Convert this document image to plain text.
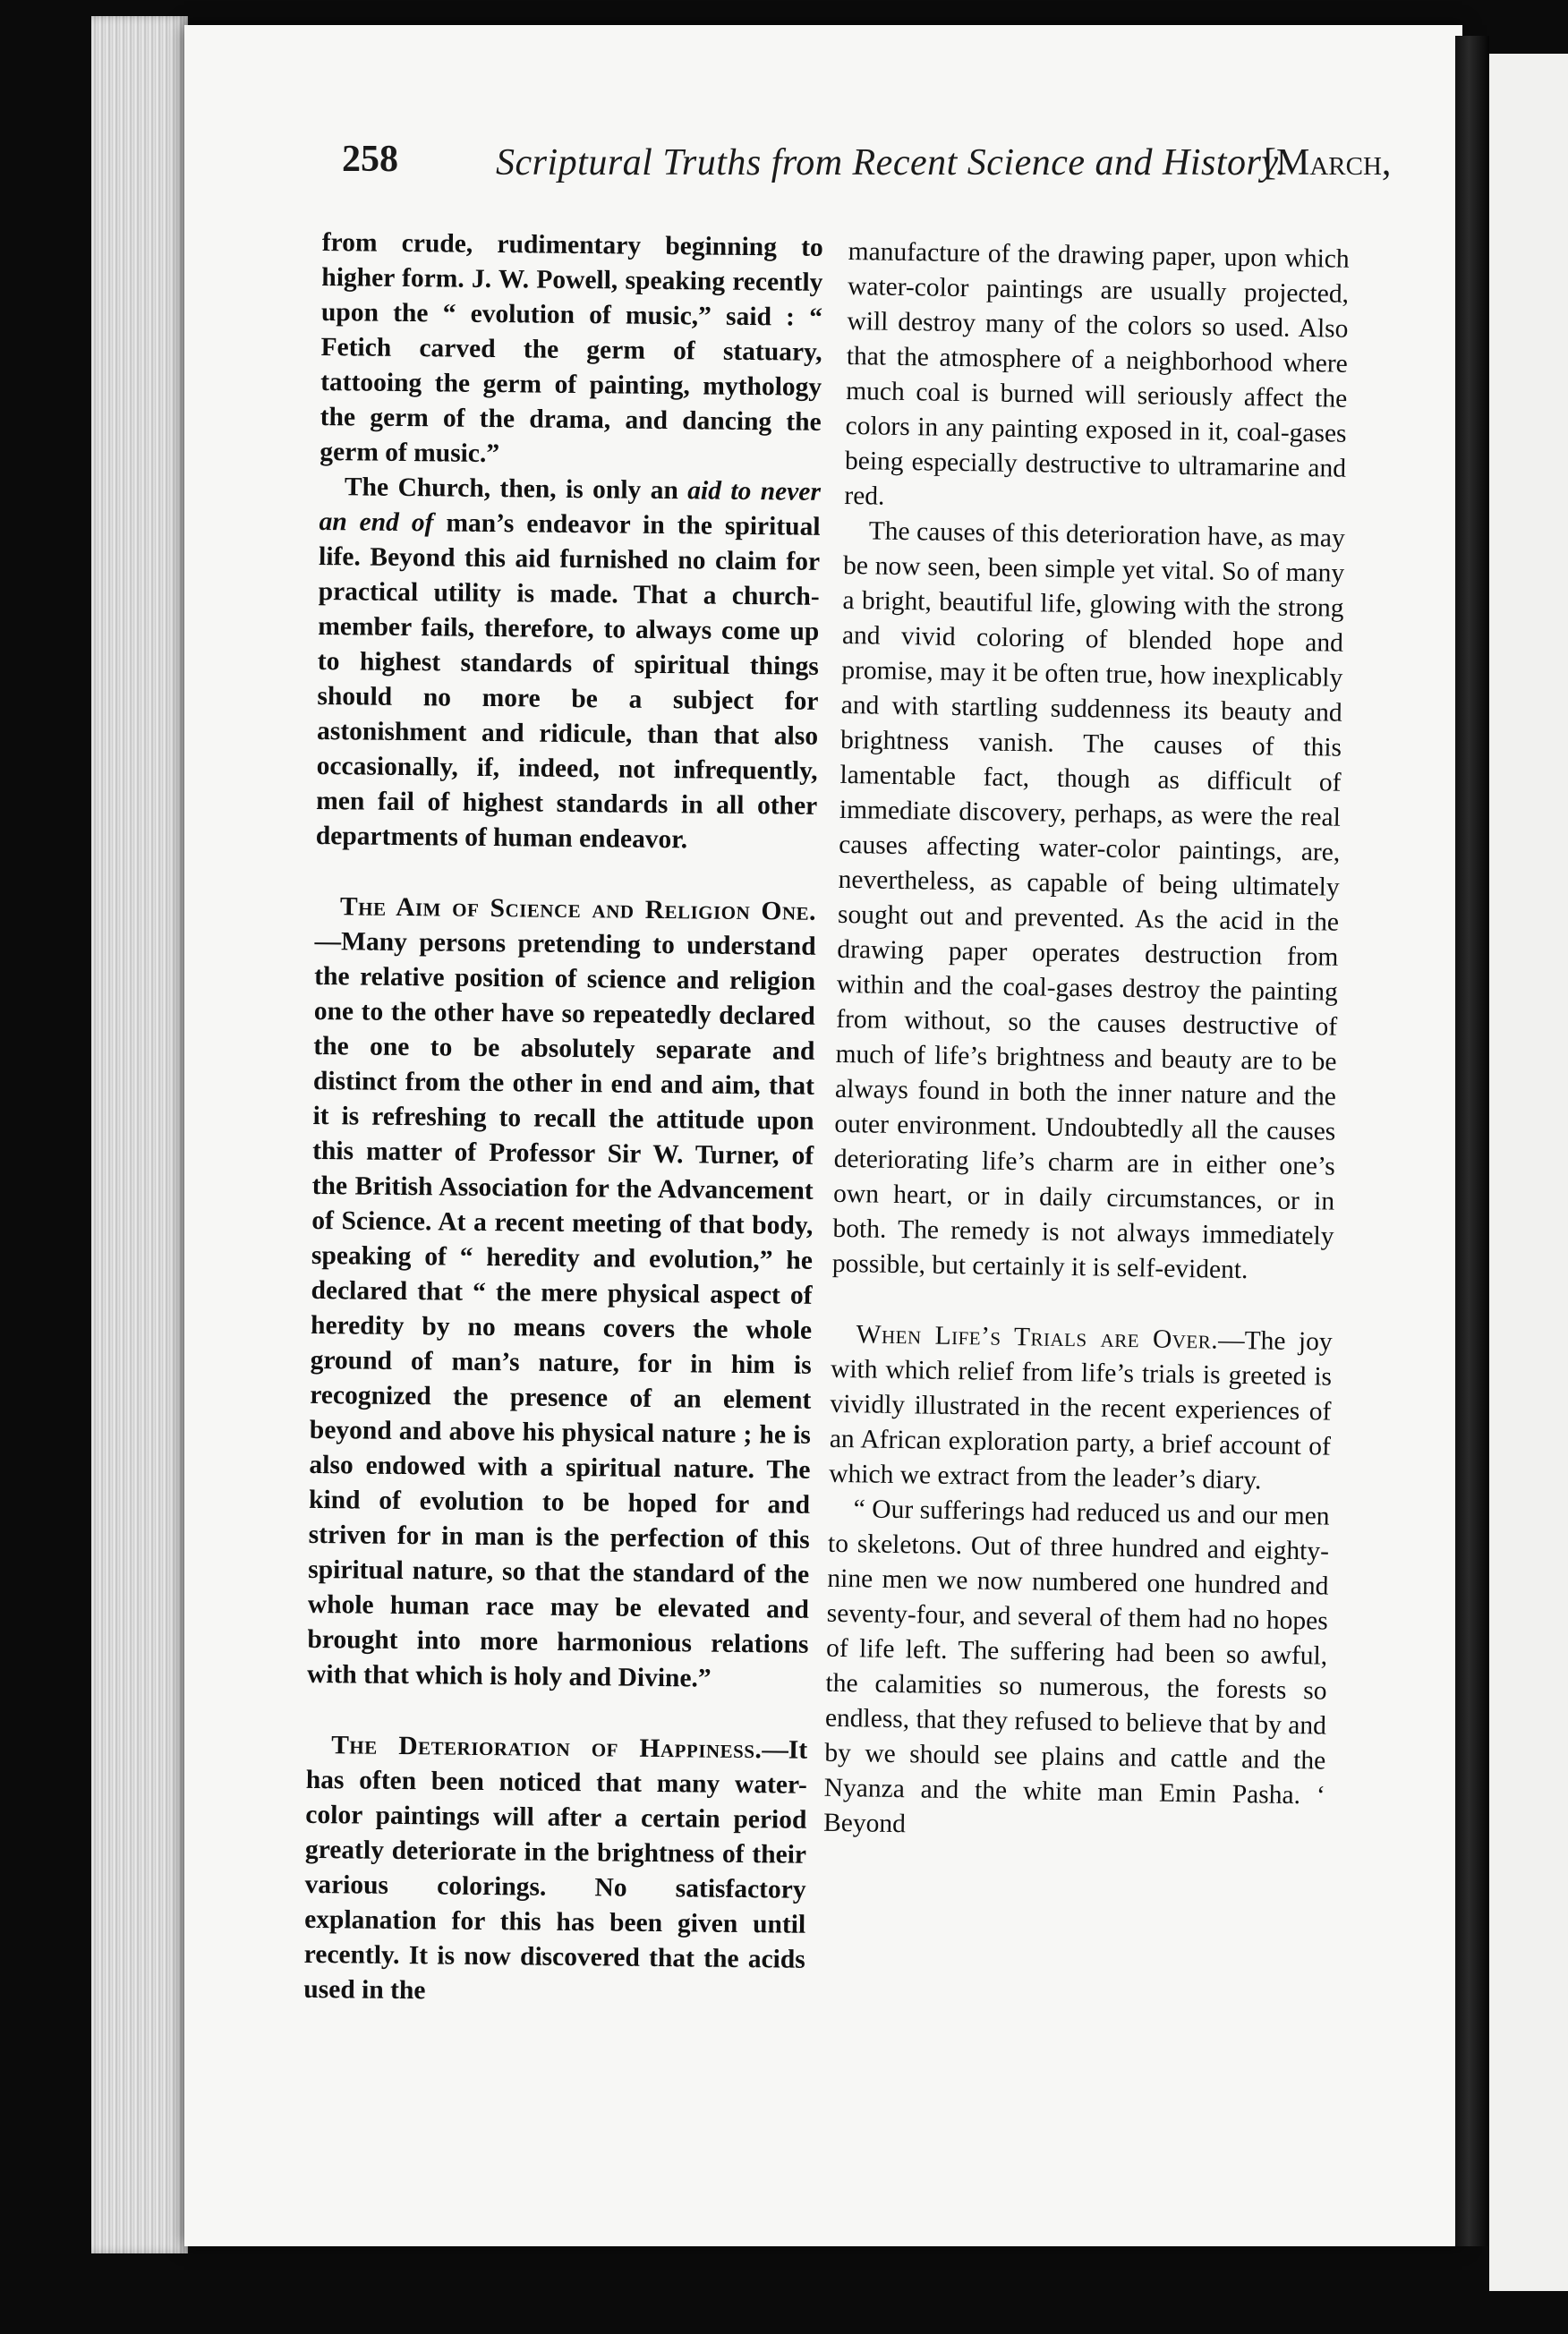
258	Scriptural Truths from Recent Science and History.
[March,

from crude, rudimentary beginning to higher form. J. W. Powell, speaking recently upon the “ evolution of music,” said : “ Fetich carved the germ of statuary, tattooing the germ of painting, mythology the germ of the drama, and dancing the germ of music.”

The Church, then, is only an aid to never an end of man’s endeavor in the spiritual life. Beyond this aid furnished no claim for practical utility is made. That a church-member fails, therefore, to always come up to highest standards of spiritual things should no more be a subject for astonishment and ridicule, than that also occasionally, if, indeed, not infrequently, men fail of highest standards in all other departments of human endeavor.

The Aim of Science and Religion One.—Many persons pretending to understand the relative position of science and religion one to the other have so repeatedly declared the one to be absolutely separate and distinct from the other in end and aim, that it is refreshing to recall the attitude upon this matter of Professor Sir W. Turner, of the British Association for the Advancement of Science. At a recent meeting of that body, speaking of “ heredity and evolution,” he declared that “ the mere physical aspect of heredity by no means covers the whole ground of man’s nature, for in him is recognized the presence of an element beyond and above his physical nature ; he is also endowed with a spiritual nature. The kind of evolution to be hoped for and striven for in man is the perfection of this spiritual nature, so that the standard of the whole human race may be elevated and brought into more harmonious relations with that which is holy and Divine.”

The Deterioration of Happiness.—It has often been noticed that many water-color paintings will after a certain period greatly deteriorate in the brightness of their various colorings. No satisfactory explanation for this has been given until recently. It is now discovered that the acids used in the

manufacture of the drawing paper, upon which water-color paintings are usually projected, will destroy many of the colors so used. Also that the atmosphere of a neighborhood where much coal is burned will seriously affect the colors in any painting exposed in it, coal-gases being especially destructive to ultramarine and red.

The causes of this deterioration have, as may be now seen, been simple yet vital. So of many a bright, beautiful life, glowing with the strong and vivid coloring of blended hope and promise, may it be often true, how inexplicably and with startling suddenness its beauty and brightness vanish. The causes of this lamentable fact, though as difficult of immediate discovery, perhaps, as were the real causes affecting water-color paintings, are, nevertheless, as capable of being ultimately sought out and prevented. As the acid in the drawing paper operates destruction from within and the coal-gases destroy the painting from without, so the causes destructive of much of life’s brightness and beauty are to be always found in both the inner nature and the outer environment. Undoubtedly all the causes deteriorating life’s charm are in either one’s own heart, or in daily circumstances, or in both. The remedy is not always immediately possible, but certainly it is self-evident.

When Life’s Trials are Over.—The joy with which relief from life’s trials is greeted is vividly illustrated in the recent experiences of an African exploration party, a brief account of which we extract from the leader’s diary.

“ Our sufferings had reduced us and our men to skeletons. Out of three hundred and eighty-nine men we now numbered one hundred and seventy-four, and several of them had no hopes of life left. The suffering had been so awful, the calamities so numerous, the forests so endless, that they refused to believe that by and by we should see plains and cattle and the Nyanza and the white man Emin Pasha. ‘ Beyond
